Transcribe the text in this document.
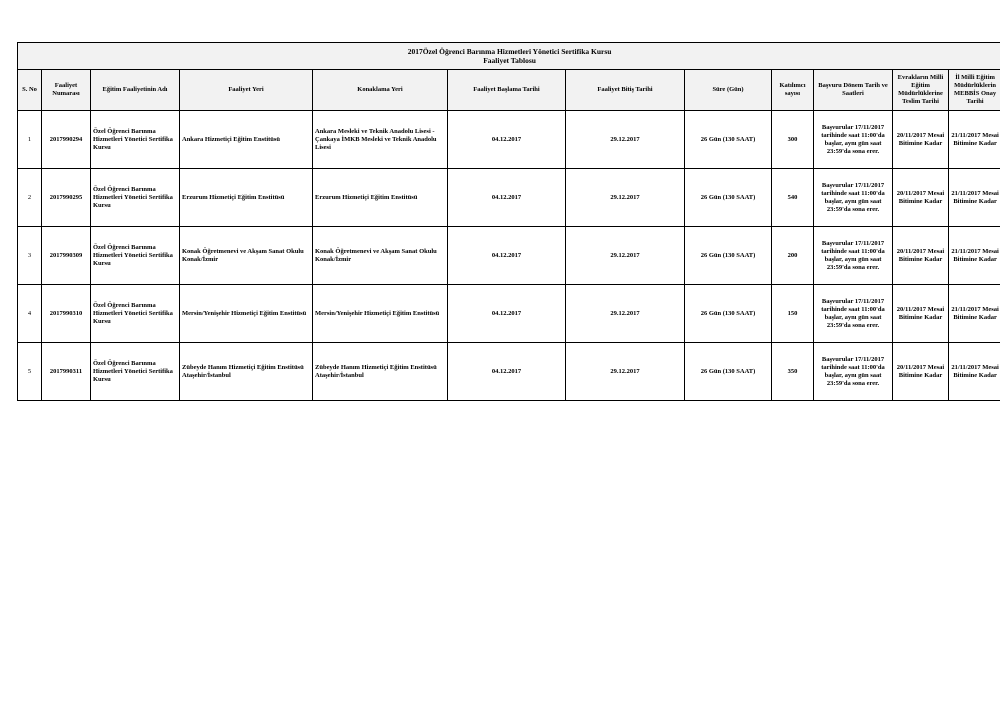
2017Özel Öğrenci Barınma Hizmetleri Yönetici Sertifika Kursu
Faaliyet Tablosu											

S. No	Faaliyet Numarası	Eğitim Faaliyetinin Adı	Faaliyet Yeri	Konaklama Yeri	Faaliyet Başlama Tarihi	Faaliyet Bitiş Tarihi	Süre (Gün)	Katılımcı sayısı	Başvuru Dönem Tarih ve Saatleri	Evrakların Milli Eğitim Müdürlüklerine Teslim Tarihi	İl Milli Eğitim Müdürlüklerin MEBBİS Onay Tarihi
1	2017990294	Özel Öğrenci Barınma Hizmetleri Yönetici Sertifika Kursu	Ankara Hizmetiçi Eğitim Enstitüsü	Ankara Mesleki ve Teknik Anadolu Lisesi - Çankaya İMKB Mesleki ve Teknik Anadolu Lisesi	04.12.2017	29.12.2017	26 Gün (130 SAAT)	300	Başvurular 17/11/2017 tarihinde saat 11:00'da başlar, aynı gün saat 23:59'da sona erer.	20/11/2017 Mesai Bitimine Kadar	21/11/2017 Mesai Bitimine Kadar
2	2017990295	Özel Öğrenci Barınma Hizmetleri Yönetici Sertifika Kursu	Erzurum Hizmetiçi Eğitim Enstitüsü	Erzurum Hizmetiçi Eğitim Enstitüsü	04.12.2017	29.12.2017	26 Gün (130 SAAT)	540	Başvurular 17/11/2017 tarihinde saat 11:00'da başlar, aynı gün saat 23:59'da sona erer.	20/11/2017 Mesai Bitimine Kadar	21/11/2017 Mesai Bitimine Kadar
3	2017990309	Özel Öğrenci Barınma Hizmetleri Yönetici Sertifika Kursu	Konak Öğretmenevi ve Akşam Sanat Okulu Konak/İzmir	Konak Öğretmenevi ve Akşam Sanat Okulu Konak/İzmir	04.12.2017	29.12.2017	26 Gün (130 SAAT)	200	Başvurular 17/11/2017 tarihinde saat 11:00'da başlar, aynı gün saat 23:59'da sona erer.	20/11/2017 Mesai Bitimine Kadar	21/11/2017 Mesai Bitimine Kadar
4	2017990310	Özel Öğrenci Barınma Hizmetleri Yönetici Sertifika Kursu	Mersin/Yenişehir Hizmetiçi Eğitim Enstitüsü	Mersin/Yenişehir Hizmetiçi Eğitim Enstitüsü	04.12.2017	29.12.2017	26 Gün (130 SAAT)	150	Başvurular 17/11/2017 tarihinde saat 11:00'da başlar, aynı gün saat 23:59'da sona erer.	20/11/2017 Mesai Bitimine Kadar	21/11/2017 Mesai Bitimine Kadar
5	2017990311	Özel Öğrenci Barınma Hizmetleri Yönetici Sertifika Kursu	Zübeyde Hanım Hizmetiçi Eğitim Enstitüsü Ataşehir/İstanbul	Zübeyde Hanım Hizmetiçi Eğitim Enstitüsü Ataşehir/İstanbul	04.12.2017	29.12.2017	26 Gün (130 SAAT)	350	Başvurular 17/11/2017 tarihinde saat 11:00'da başlar, aynı gün saat 23:59'da sona erer.	20/11/2017 Mesai Bitimine Kadar	21/11/2017 Mesai Bitimine Kadar
